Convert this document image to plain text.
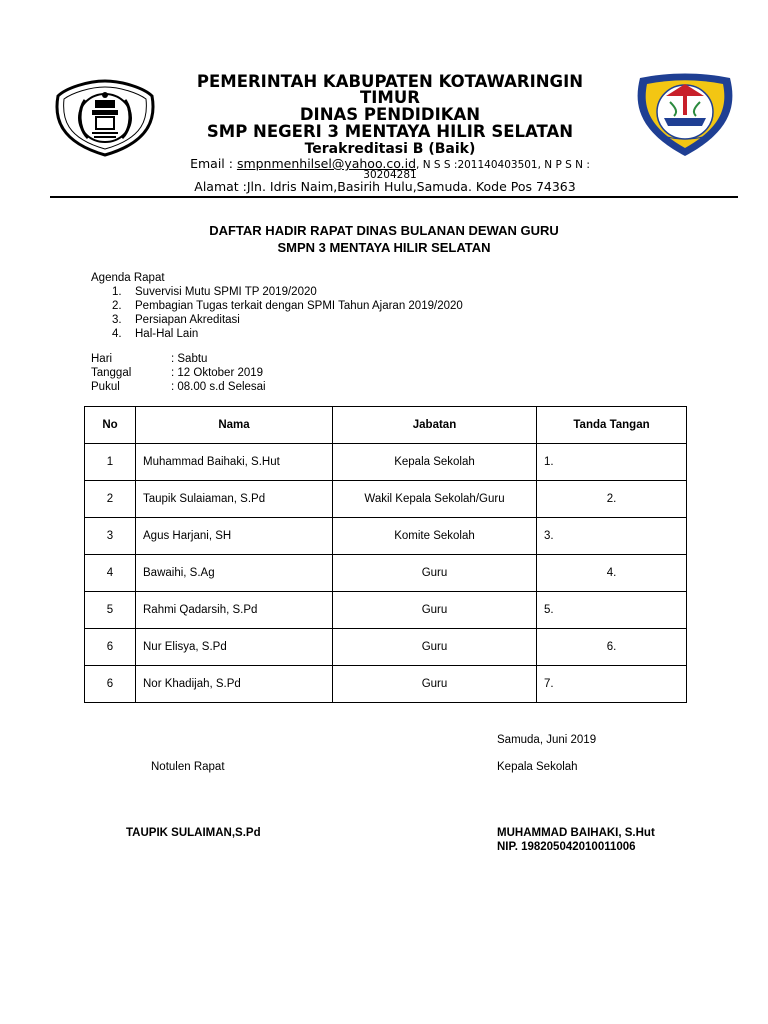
PEMERINTAH KABUPATEN KOTAWARINGIN
TIMUR
DINAS PENDIDIKAN
SMP NEGERI 3 MENTAYA HILIR SELATAN
Terakreditasi B (Baik)
Email : smpnmenhilsel@yahoo.co.id, N S S :201140403501, N P S N :
30204281
Alamat :Jln. Idris Naim,Basirih Hulu,Samuda. Kode Pos 74363
DAFTAR HADIR RAPAT DINAS BULANAN DEWAN GURU
SMPN 3 MENTAYA HILIR SELATAN
Agenda Rapat
1. Suvervisi Mutu SPMI TP 2019/2020
2. Pembagian Tugas terkait dengan SPMI Tahun Ajaran 2019/2020
3. Persiapan Akreditasi
4. Hal-Hal Lain
Hari	: Sabtu
Tanggal	: 12 Oktober 2019
Pukul	: 08.00 s.d Selesai
No	Nama	Jabatan	Tanda Tangan
1	Muhammad Baihaki, S.Hut	Kepala Sekolah	1.
2	Taupik Sulaiaman, S.Pd	Wakil Kepala Sekolah/Guru	2.
3	Agus Harjani, SH	Komite Sekolah	3.
4	Bawaihi, S.Ag	Guru	4.
5	Rahmi Qadarsih, S.Pd	Guru	5.
6	Nur Elisya, S.Pd	Guru	6.
6	Nor Khadijah, S.Pd	Guru	7.
Samuda, Juni 2019
Notulen Rapat	Kepala Sekolah
TAUPIK SULAIMAN,S.Pd	MUHAMMAD BAIHAKI, S.Hut
NIP. 198205042010011006
